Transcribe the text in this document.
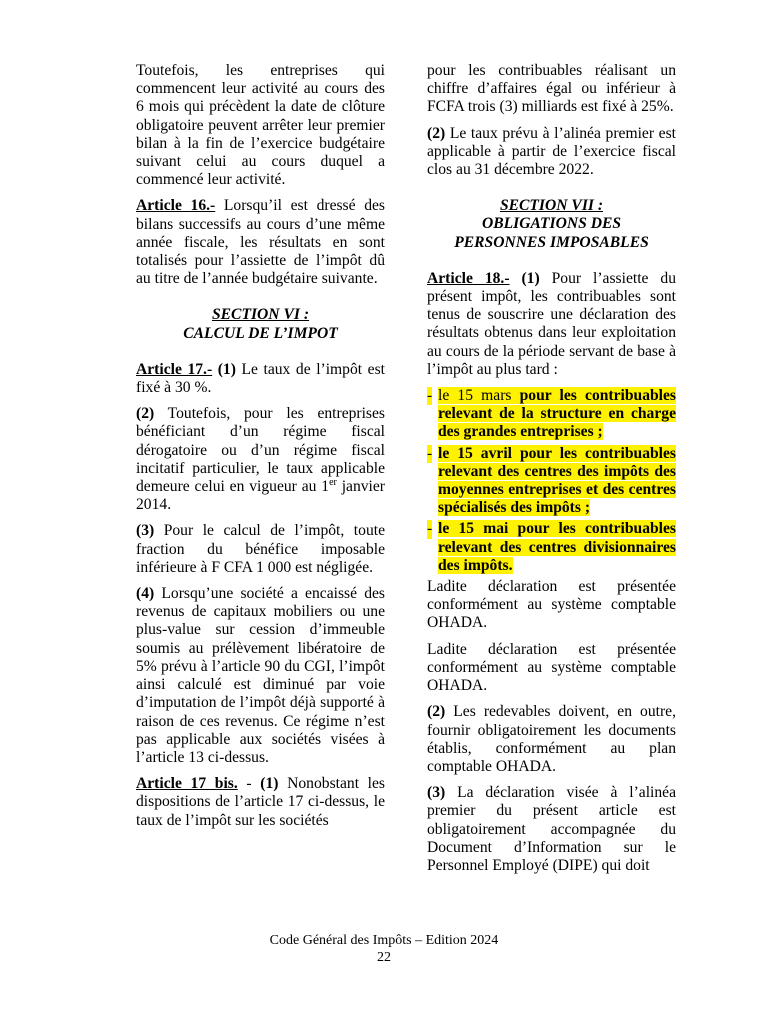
Toutefois, les entreprises qui commencent leur activité au cours des 6 mois qui précèdent la date de clôture obligatoire peuvent arrêter leur premier bilan à la fin de l’exercice budgétaire suivant celui au cours duquel a commencé leur activité.

Article 16.- Lorsqu’il est dressé des bilans successifs au cours d’une même année fiscale, les résultats en sont totalisés pour l’assiette de l’impôt dû au titre de l’année budgétaire suivante.

SECTION VI :
CALCUL DE L’IMPOT

Article 17.- (1) Le taux de l’impôt est fixé à 30 %.

(2) Toutefois, pour les entreprises bénéficiant d’un régime fiscal dérogatoire ou d’un régime fiscal incitatif particulier, le taux applicable demeure celui en vigueur au 1er janvier 2014.

(3) Pour le calcul de l’impôt, toute fraction du bénéfice imposable inférieure à F CFA 1 000 est négligée.

(4) Lorsqu’une société a encaissé des revenus de capitaux mobiliers ou une plus-value sur cession d’immeuble soumis au prélèvement libératoire de 5% prévu à l’article 90 du CGI, l’impôt ainsi calculé est diminué par voie d’imputation de l’impôt déjà supporté à raison de ces revenus. Ce régime n’est pas applicable aux sociétés visées à l’article 13 ci-dessus.

Article 17 bis. - (1) Nonobstant les dispositions de l’article 17 ci-dessus, le taux de l’impôt sur les sociétés

pour les contribuables réalisant un chiffre d’affaires égal ou inférieur à FCFA trois (3) milliards est fixé à 25%.

(2) Le taux prévu à l’alinéa premier est applicable à partir de l’exercice fiscal clos au 31 décembre 2022.

SECTION VII :
OBLIGATIONS DES
PERSONNES IMPOSABLES

Article 18.- (1) Pour l’assiette du présent impôt, les contribuables sont tenus de souscrire une déclaration des résultats obtenus dans leur exploitation au cours de la période servant de base à l’impôt au plus tard :

- le 15 mars pour les contribuables relevant de la structure en charge des grandes entreprises ;
- le 15 avril pour les contribuables relevant des centres des impôts des moyennes entreprises et des centres spécialisés des impôts ;
- le 15 mai pour les contribuables relevant des centres divisionnaires des impôts.

Ladite déclaration est présentée conformément au système comptable OHADA.

Ladite déclaration est présentée conformément au système comptable OHADA.

(2) Les redevables doivent, en outre, fournir obligatoirement les documents établis, conformément au plan comptable OHADA.

(3) La déclaration visée à l’alinéa premier du présent article est obligatoirement accompagnée du Document d’Information sur le Personnel Employé (DIPE) qui doit

Code Général des Impôts – Edition 2024
22
